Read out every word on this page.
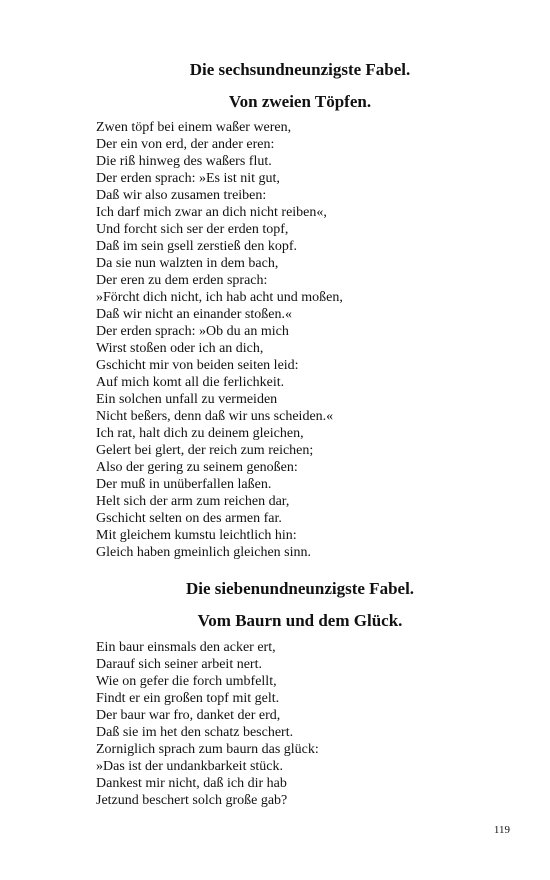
Die sechsundneunzigste Fabel.
Von zweien Töpfen.
Zwen töpf bei einem waßer weren,
Der ein von erd, der ander eren:
Die riß hinweg des waßers flut.
Der erden sprach: »Es ist nit gut,
Daß wir also zusamen treiben:
Ich darf mich zwar an dich nicht reiben«,
Und forcht sich ser der erden topf,
Daß im sein gsell zerstieß den kopf.
Da sie nun walzten in dem bach,
Der eren zu dem erden sprach:
»Förcht dich nicht, ich hab acht und moßen,
Daß wir nicht an einander stoßen.«
Der erden sprach: »Ob du an mich
Wirst stoßen oder ich an dich,
Gschicht mir von beiden seiten leid:
Auf mich komt all die ferlichkeit.
Ein solchen unfall zu vermeiden
Nicht beßers, denn daß wir uns scheiden.«
Ich rat, halt dich zu deinem gleichen,
Gelert bei glert, der reich zum reichen;
Also der gering zu seinem genoßen:
Der muß in unüberfallen laßen.
Helt sich der arm zum reichen dar,
Gschicht selten on des armen far.
Mit gleichem kumstu leichtlich hin:
Gleich haben gmeinlich gleichen sinn.
Die siebenundneunzigste Fabel.
Vom Baurn und dem Glück.
Ein baur einsmals den acker ert,
Darauf sich seiner arbeit nert.
Wie on gefer die forch umbfellt,
Findt er ein großen topf mit gelt.
Der baur war fro, danket der erd,
Daß sie im het den schatz beschert.
Zorniglich sprach zum baurn das glück:
»Das ist der undankbarkeit stück.
Dankest mir nicht, daß ich dir hab
Jetzund beschert solch große gab?
119
